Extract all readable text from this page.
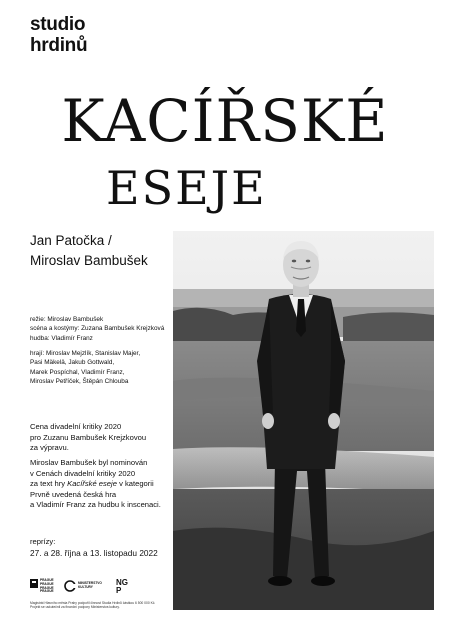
studio
hrdinů
KACÍŘSKÉ
ESEJE
Jan Patočka /
Miroslav Bambušek
režie: Miroslav Bambušek
scéna a kostýmy: Zuzana Bambušek Krejzková
hudba: Vladimír Franz
hrají: Miroslav Mejzlík, Stanislav Majer,
Pasi Mäkelä, Jakub Gottwald,
Marek Pospíchal, Vladimír Franz,
Miroslav Petříček, Štěpán Chlouba
Cena divadelní kritiky 2020
pro Zuzanu Bambušek Krejzkovou
za výpravu.
Miroslav Bambušek byl nominován
v Cenách divadelní kritiky 2020
za text hry Kacířské eseje v kategorii
Prvně uvedená česká hra
a Vladimír Franz za hudbu k inscenaci.
reprízy:
27. a 28. října a 13. listopadu 2022
PRAGUE
PRAGUE
PRAGUE
PRAGUE
MINISTERSTVO
KULTURY	NG
P
Magistrát Hlavního města Prahy podpořil činnost Studia Hrdinů částkou 6 500 000 Kč.
Projekt se uskutečnil za finanční podpory Ministerstva kultury.
